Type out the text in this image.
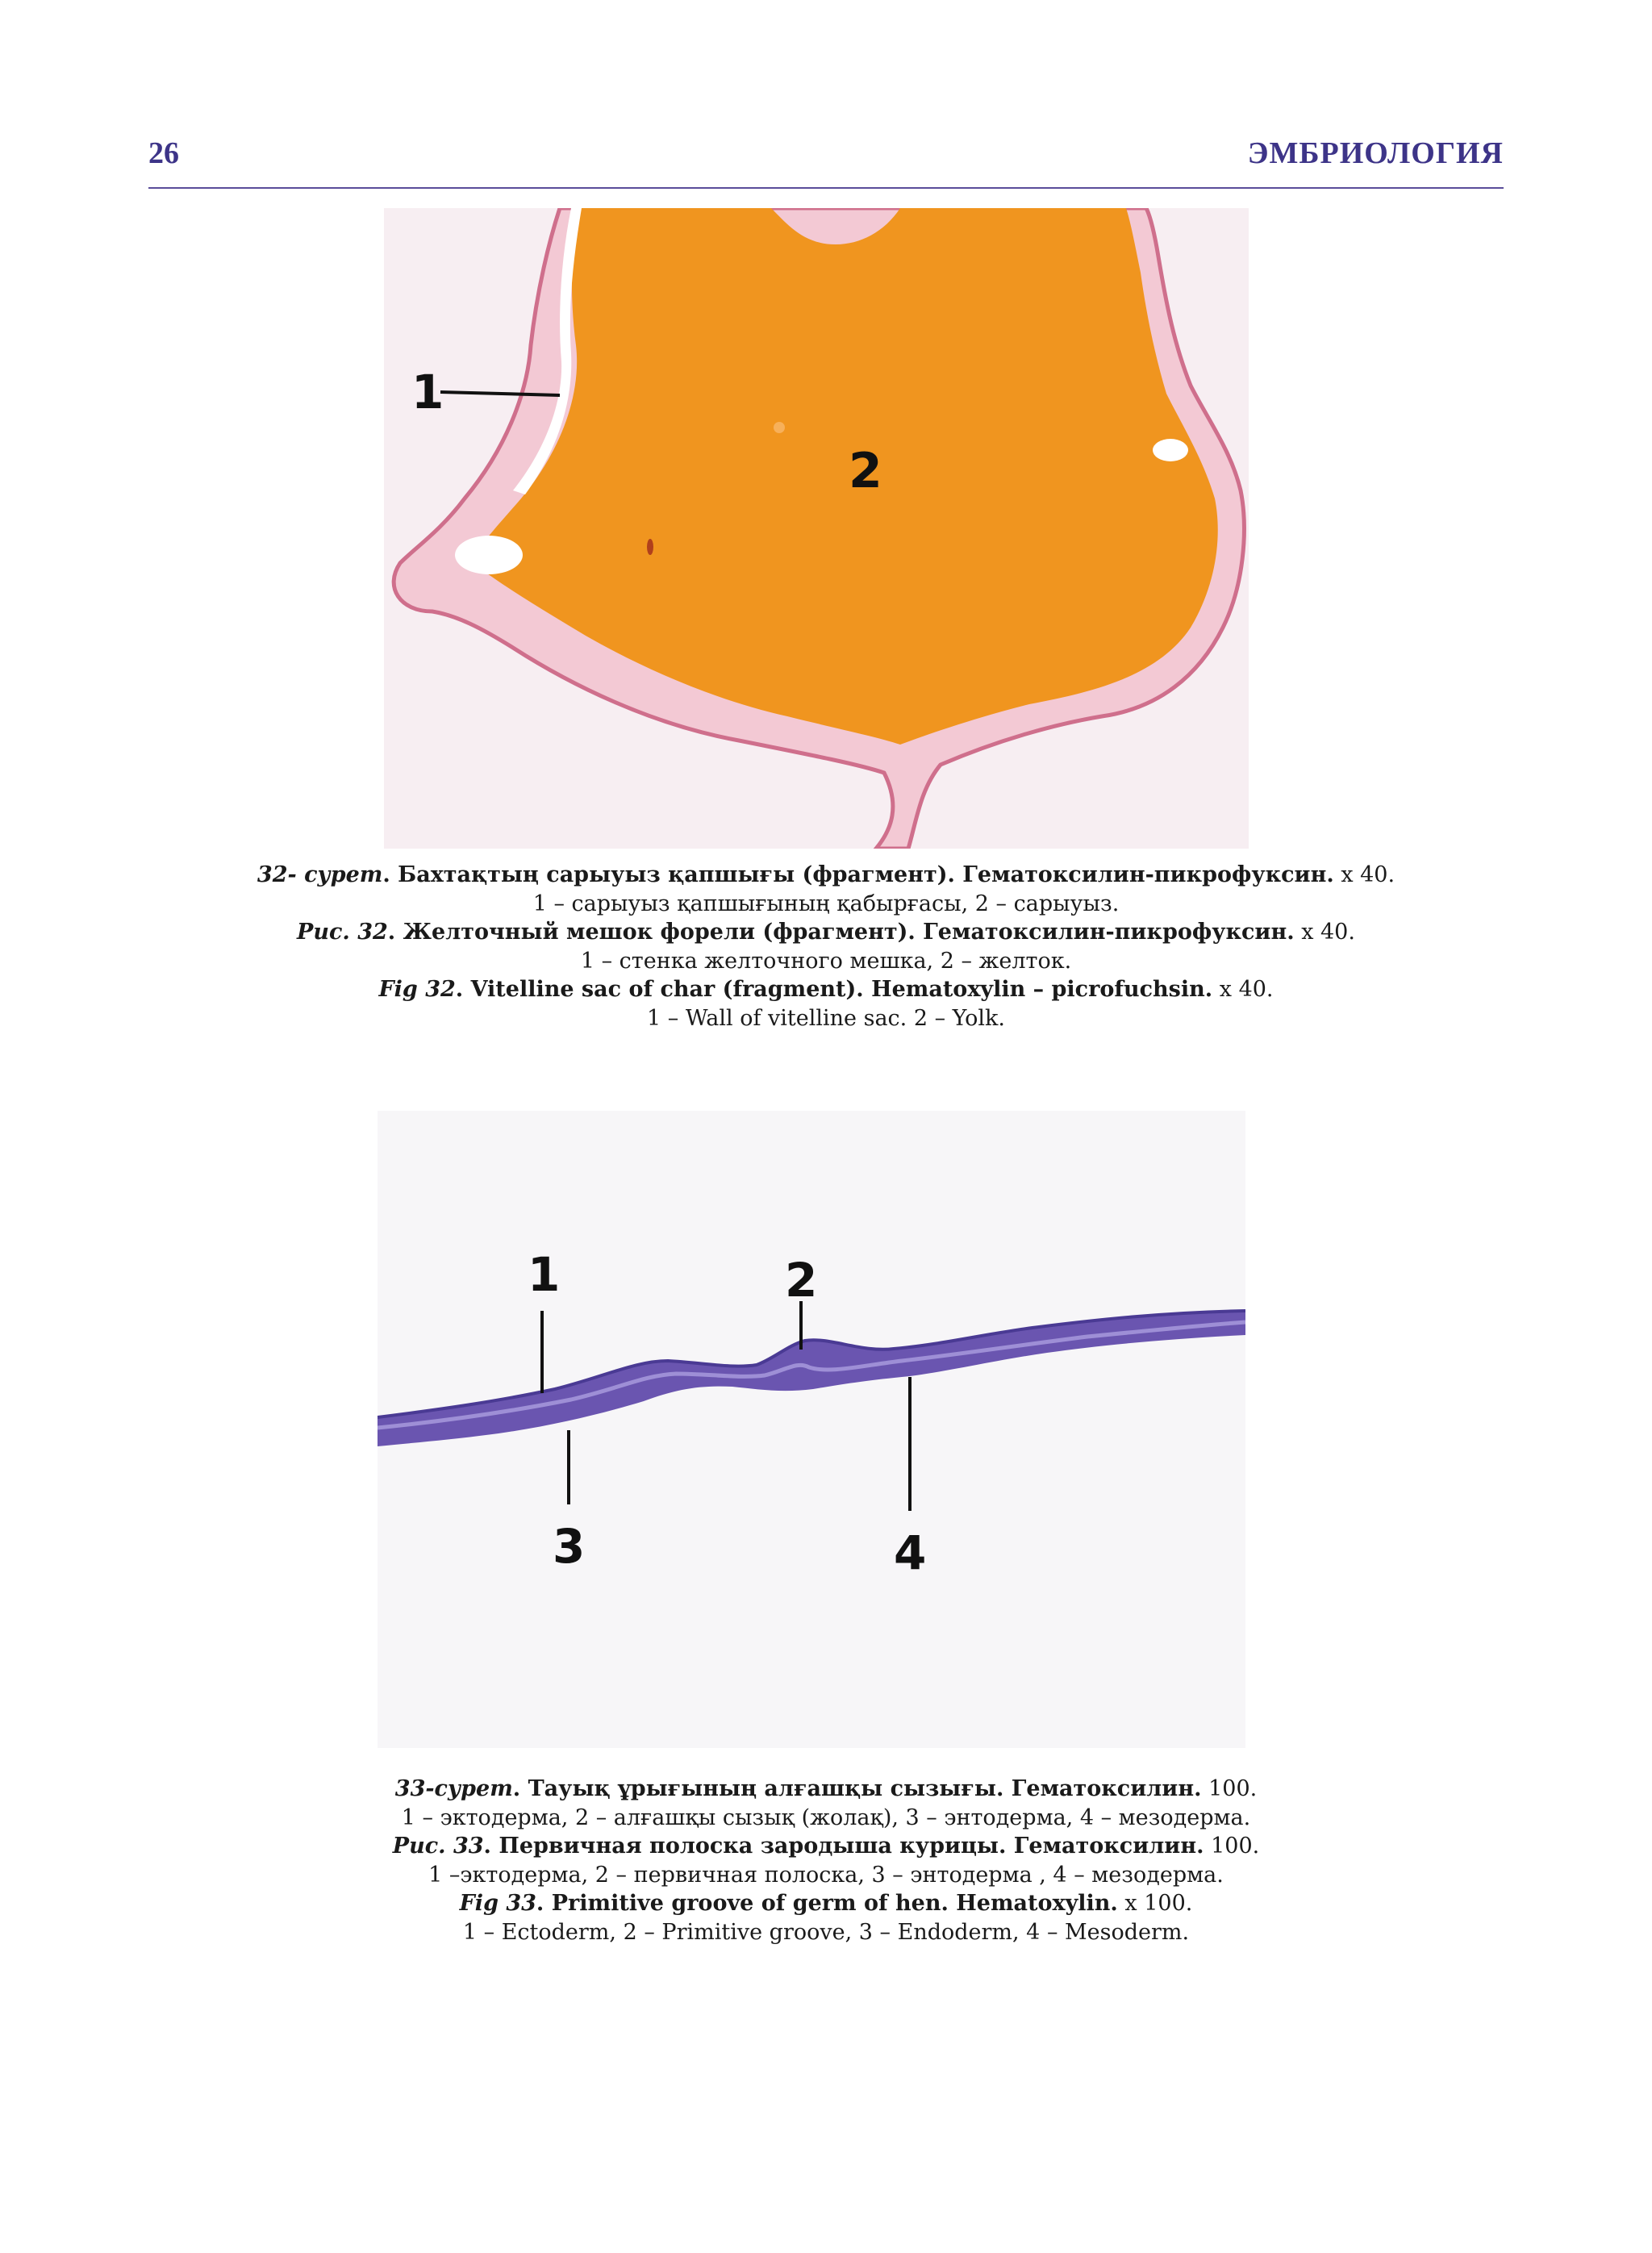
26	ЭМБРИОЛОГИЯ
1
2

32- сурет. Бахтақтың сарыуыз қапшығы (фрагмент). Гематоксилин-пикрофуксин. x 40.

1 – сарыуыз қапшығының қабырғасы, 2 – сарыуыз.

Рис. 32. Желточный мешок форели (фрагмент). Гематоксилин-пикрофуксин. x 40.

1 – стенка желточного мешка, 2 – желток.

Fig 32. Vitelline sac of char (fragment). Hematoxylin – picrofuchsin. x 40.

1 – Wall of vitelline sac. 2 – Yolk.

1	2
3	4

33-сурет. Тауық ұрығының алғашқы сызығы. Гематоксилин. 100.

1 – эктодерма, 2 – алғашқы сызық (жолақ), 3 – энтодерма, 4 – мезодерма.

Рис. 33. Первичная полоска зародыша курицы. Гематоксилин. 100.

1 –эктодерма, 2 – первичная полоска, 3 – энтодерма , 4 – мезодерма.

Fig 33. Primitive groove of germ of hen. Hematoxylin. x 100.

1 – Ectoderm, 2 – Primitive groove, 3 – Endoderm, 4 – Mesoderm.
